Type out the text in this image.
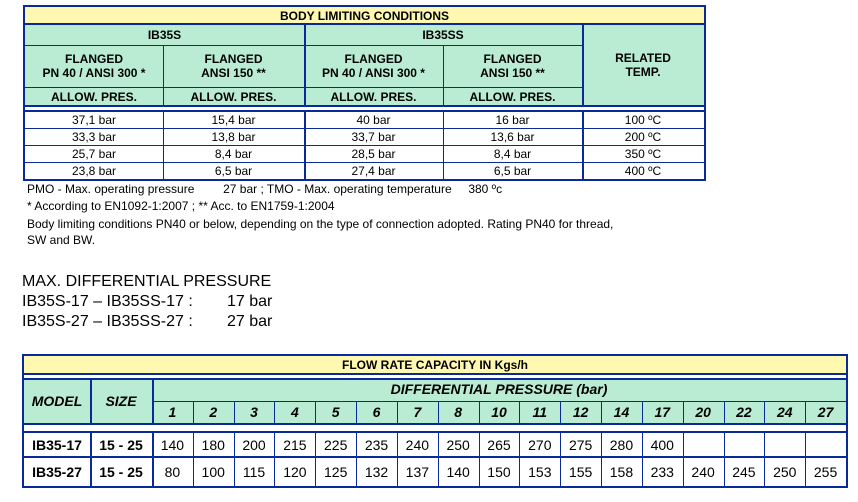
BODY LIMITING CONDITIONS
IB35S	IB35SS
RELATED
TEMP.
FLANGED
PN 40 / ANSI 300 *
ALLOW. PRES.
FLANGED
ANSI 150 **
ALLOW. PRES.
FLANGED
PN 40 / ANSI 300 *
ALLOW. PRES.
FLANGED
ANSI 150 **
ALLOW. PRES.
37,1 bar	15,4 bar	40 bar	16 bar	100 ºC
33,3 bar	13,8 bar	33,7 bar	13,6 bar	200 ºC
25,7 bar	8,4 bar	28,5 bar	8,4 bar	350 ºC
23,8 bar	6,5 bar	27,4 bar	6,5 bar	400 ºC
PMO - Max. operating pressure 27 bar ; TMO - Max. operating temperature 380 ºc
* According to EN1092-1:2007 ; ** Acc. to EN1759-1:2004
Body limiting conditions PN40 or below, depending on the type of connection adopted. Rating PN40 for thread,
SW and BW.
MAX. DIFFERENTIAL PRESSURE
IB35S-17 – IB35SS-17 : 17 bar
IB35S-27 – IB35SS-27 : 27 bar
FLOW RATE CAPACITY IN Kgs/h
MODEL SIZE
DIFFERENTIAL PRESSURE (bar)
1 2 3 4 5 6 7 8 10 11 12 14 17 20 22 24 27
IB35-17 15 - 25 140 180 200 215 225 235 240 250 265 270 275 280 400
IB35-27 15 - 25 80 100 115 120 125 132 137 140 150 153 155 158 233 240 245 250 255
